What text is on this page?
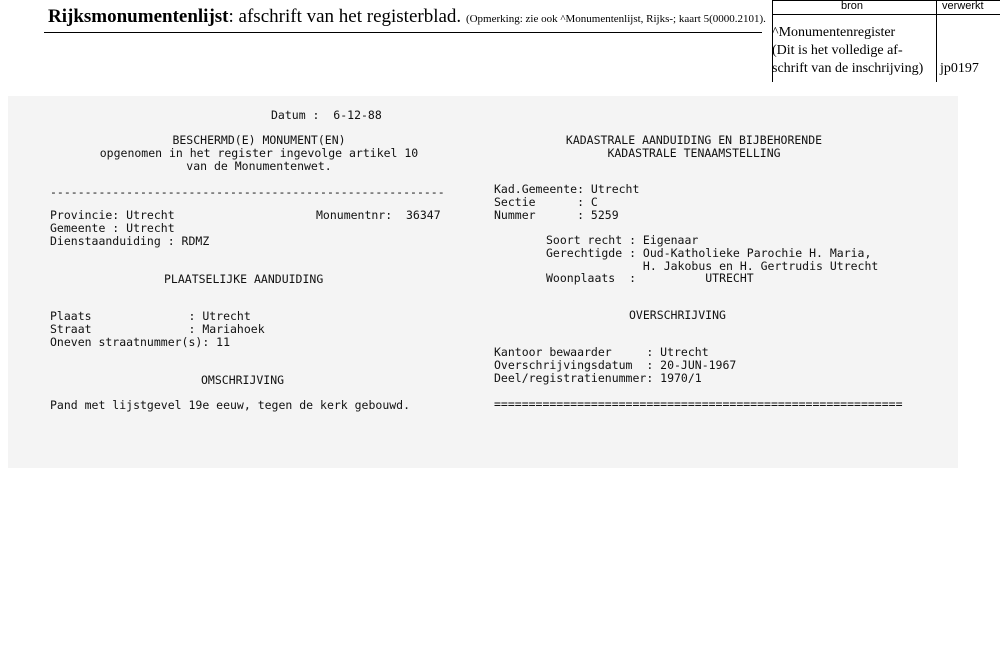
Rijksmonumentenlijst: afschrift van het registerblad. (Opmerking: zie ook ^Monumentenlijst, Rijks-; kaart 5(0000.2101).
bron	verwerkt
^Monumentenregister
(Dit is het volledige af-
schrift van de inschrijving) jp0197
Datum :  6-12-88
BESCHERMD(E) MONUMENT(EN)
opgenomen in het register ingevolge artikel 10
van de Monumentenwet.
---------------------------------------------------------
Provincie: Utrecht	Monumentnr:  36347
Gemeente : Utrecht
Dienstaanduiding : RDMZ
PLAATSELIJKE AANDUIDING
Plaats              : Utrecht
Straat              : Mariahoek
Oneven straatnummer(s): 11
OMSCHRIJVING
Pand met lijstgevel 19e eeuw, tegen de kerk gebouwd.
KADASTRALE AANDUIDING EN BIJBEHORENDE
KADASTRALE TENAAMSTELLING
Kad.Gemeente: Utrecht
Sectie      : C
Nummer      : 5259
Soort recht : Eigenaar
Gerechtigde : Oud-Katholieke Parochie H. Maria,
H. Jakobus en H. Gertrudis Utrecht
Woonplaats  :          UTRECHT
OVERSCHRIJVING
Kantoor bewaarder     : Utrecht
Overschrijvingsdatum  : 20-JUN-1967
Deel/registratienummer: 1970/1
===========================================================
